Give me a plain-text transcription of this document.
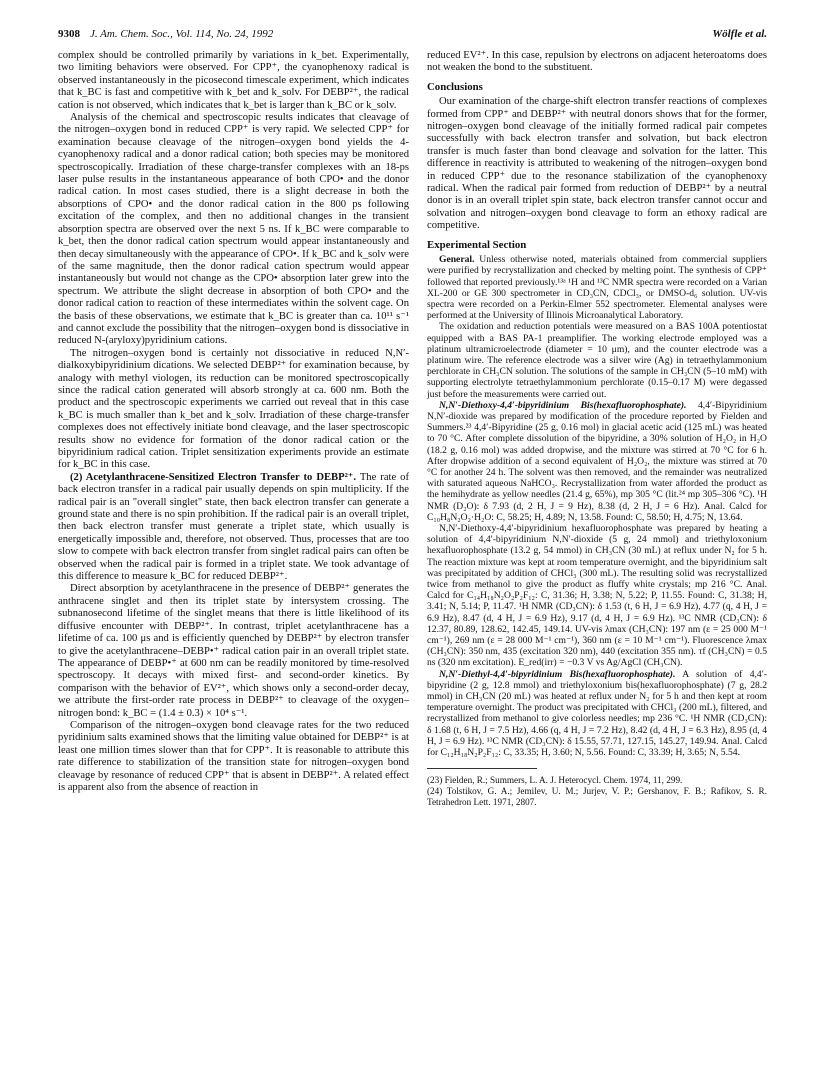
9308 J. Am. Chem. Soc., Vol. 114, No. 24, 1992	Wölfle et al.

complex should be controlled primarily by variations in k_bet. Experimentally, two limiting behaviors were observed. For CPP⁺, the cyanophenoxy radical is observed instantaneously in the picosecond timescale experiment, which indicates that k_BC is fast and competitive with k_bet and k_solv. For DEBP²⁺, the radical cation is not observed, which indicates that k_bet is larger than k_BC or k_solv.

Analysis of the chemical and spectroscopic results indicates that cleavage of the nitrogen–oxygen bond in reduced CPP⁺ is very rapid. We selected CPP⁺ for examination because cleavage of the nitrogen–oxygen bond yields the 4-cyanophenoxy radical and a donor radical cation; both species may be monitored spectroscopically. Irradiation of these charge-transfer complexes with an 18-ps laser pulse results in the instantaneous appearance of both CPO• and the donor radical cation. In most cases studied, there is a slight decrease in both the absorptions of CPO• and the donor radical cation in the 800 ps following excitation of the complex, and then no additional changes in the transient absorption spectra are observed over the next 5 ns. If k_BC were comparable to k_bet, then the donor radical cation spectrum would appear instantaneously and then decay simultaneously with the appearance of CPO•. If k_BC and k_solv were of the same magnitude, then the donor radical cation spectrum would appear instantaneously but would not change as the CPO• absorption later grew into the spectrum. We attribute the slight decrease in absorption of both CPO• and the donor radical cation to reaction of these intermediates within the solvent cage. On the basis of these observations, we estimate that k_BC is greater than ca. 10¹¹ s⁻¹ and cannot exclude the possibility that the nitrogen–oxygen bond is dissociative in reduced N-(aryloxy)pyridinium cations.

The nitrogen–oxygen bond is certainly not dissociative in reduced N,N′-dialkoxybipyridinium dications. We selected DEBP²⁺ for examination because, by analogy with methyl viologen, its reduction can be monitored spectroscopically since the radical cation generated will absorb strongly at ca. 600 nm. Both the product and the spectroscopic experiments we carried out reveal that in this case k_BC is much smaller than k_bet and k_solv. Irradiation of these charge-transfer complexes does not effectively initiate bond cleavage, and the laser spectroscopic results show no evidence for formation of the donor radical cation or the bipyridinium radical cation. Triplet sensitization experiments provide an estimate for k_BC in this case.

(2) Acetylanthracene-Sensitized Electron Transfer to DEBP²⁺. The rate of back electron transfer in a radical pair usually depends on spin multiplicity. If the radical pair is an "overall singlet" state, then back electron transfer can generate a ground state and there is no spin prohibition. If the radical pair is an overall triplet, then back electron transfer must generate a triplet state, which usually is energetically impossible and, therefore, not observed. Thus, processes that are too slow to compete with back electron transfer from singlet radical pairs can often be observed when the radical pair is formed in a triplet state. We took advantage of this difference to measure k_BC for reduced DEBP²⁺.

Direct absorption by acetylanthracene in the presence of DEBP²⁺ generates the anthracene singlet and then its triplet state by intersystem crossing. The subnanosecond lifetime of the singlet means that there is little likelihood of its diffusive encounter with DEBP²⁺. In contrast, triplet acetylanthracene has a lifetime of ca. 100 μs and is efficiently quenched by DEBP²⁺ by electron transfer to give the acetylanthracene–DEBP•⁺ radical cation pair in an overall triplet state. The appearance of DEBP•⁺ at 600 nm can be readily monitored by time-resolved spectroscopy. It decays with mixed first- and second-order kinetics. By comparison with the behavior of EV²⁺, which shows only a second-order decay, we attribute the first-order rate process in DEBP²⁺ to cleavage of the oxygen–nitrogen bond: k_BC = (1.4 ± 0.3) × 10⁴ s⁻¹.

Comparison of the nitrogen–oxygen bond cleavage rates for the two reduced pyridinium salts examined shows that the limiting value obtained for DEBP²⁺ is at least one million times slower than that for CPP⁺. It is reasonable to attribute this rate difference to stabilization of the transition state for nitrogen–oxygen bond cleavage by resonance of reduced CPP⁺ that is absent in DEBP²⁺. A related effect is apparent also from the absence of reaction in

reduced EV²⁺. In this case, repulsion by electrons on adjacent heteroatoms does not weaken the bond to the substituent.

Conclusions

Our examination of the charge-shift electron transfer reactions of complexes formed from CPP⁺ and DEBP²⁺ with neutral donors shows that for the former, nitrogen–oxygen bond cleavage of the initially formed radical pair competes successfully with back electron transfer and solvation, but back electron transfer is much faster than bond cleavage and solvation for the latter. This difference in reactivity is attributed to weakening of the nitrogen–oxygen bond in reduced CPP⁺ due to the resonance stabilization of the cyanophenoxy radical. When the radical pair formed from reduction of DEBP²⁺ by a neutral donor is in an overall triplet spin state, back electron transfer cannot occur and solvation and nitrogen–oxygen bond cleavage to form an ethoxy radical are competitive.

Experimental Section

General. Unless otherwise noted, materials obtained from commercial suppliers were purified by recrystallization and checked by melting point. The synthesis of CPP⁺ followed that reported previously.¹³ᵃ ¹H and ¹³C NMR spectra were recorded on a Varian XL-200 or GE 300 spectrometer in CD₃CN, CDCl₃, or DMSO-d₆ solution. UV-vis spectra were recorded on a Perkin-Elmer 552 spectrometer. Elemental analyses were performed at the University of Illinois Microanalytical Laboratory.

The oxidation and reduction potentials were measured on a BAS 100A potentiostat equipped with a BAS PA-1 preamplifier. The working electrode employed was a platinum ultramicroelectrode (diameter = 10 μm), and the counter electrode was a platinum wire. The reference electrode was a silver wire (Ag) in tetraethylammonium perchlorate in CH₃CN solution. The solutions of the sample in CH₃CN (5–10 mM) with supporting electrolyte tetraethylammonium perchlorate (0.15–0.17 M) were degassed just before the measurements were carried out.

N,N′-Diethoxy-4,4′-bipyridinium Bis(hexafluorophosphate). 4,4′-Bipyridinium N,N′-dioxide was prepared by modification of the procedure reported by Fielden and Summers.²³ 4,4′-Bipyridine (25 g, 0.16 mol) in glacial acetic acid (125 mL) was heated to 70 °C. After complete dissolution of the bipyridine, a 30% solution of H₂O₂ in H₂O (18.2 g, 0.16 mol) was added dropwise, and the mixture was stirred at 70 °C for 6 h. After dropwise addition of a second equivalent of H₂O₂, the mixture was stirred at 70 °C for another 24 h. The solvent was then removed, and the remainder was neutralized with saturated aqueous NaHCO₃. Recrystallization from water afforded the product as the hemihydrate as yellow needles (21.4 g, 65%), mp 305 °C (lit.²⁴ mp 305–306 °C). ¹H NMR (D₂O): δ 7.93 (d, 2 H, J = 9 Hz), 8.38 (d, 2 H, J = 6 Hz). Anal. Calcd for C₁₀H₈N₂O₂·H₂O: C, 58.25; H, 4.89; N, 13.58. Found: C, 58.50; H, 4.75; N, 13.64.

N,N′-Diethoxy-4,4′-bipyridinium hexafluorophosphate was prepared by heating a solution of 4,4′-bipyridinium N,N′-dioxide (5 g, 24 mmol) and triethyloxonium hexafluorophosphate (13.2 g, 54 mmol) in CH₃CN (30 mL) at reflux under N₂ for 5 h. The reaction mixture was kept at room temperature overnight, and the bipyridinium salt was precipitated by addition of CHCl₃ (300 mL). The resulting solid was recrystallized twice from methanol to give the product as fluffy white crystals; mp 216 °C. Anal. Calcd for C₁₄H₁₈N₂O₂P₂F₁₂: C, 31.36; H, 3.38; N, 5.22; P, 11.55. Found: C, 31.38; H, 3.41; N, 5.14; P, 11.47. ¹H NMR (CD₃CN): δ 1.53 (t, 6 H, J = 6.9 Hz), 4.77 (q, 4 H, J = 6.9 Hz), 8.47 (d, 4 H, J = 6.9 Hz), 9.17 (d, 4 H, J = 6.9 Hz). ¹³C NMR (CD₃CN): δ 12.37, 80.89, 128.62, 142.45, 149.14. UV-vis λmax (CH₃CN): 197 nm (ε = 25 000 M⁻¹ cm⁻¹), 269 nm (ε = 28 000 M⁻¹ cm⁻¹), 360 nm (ε = 10 M⁻¹ cm⁻¹). Fluorescence λmax (CH₃CN): 350 nm, 435 (excitation 320 nm), 440 (excitation 355 nm). τf (CH₃CN) = 0.5 ns (320 nm excitation). E_red(irr) = −0.3 V vs Ag/AgCl (CH₃CN).

N,N′-Diethyl-4,4′-bipyridinium Bis(hexafluorophosphate). A solution of 4,4′-bipyridine (2 g, 12.8 mmol) and triethyloxonium bis(hexafluorophosphate) (7 g, 28.2 mmol) in CH₃CN (20 mL) was heated at reflux under N₂ for 5 h and then kept at room temperature overnight. The product was precipitated with CHCl₃ (200 mL), filtered, and recrystallized from methanol to give colorless needles; mp 236 °C. ¹H NMR (CD₃CN): δ 1.68 (t, 6 H, J = 7.5 Hz), 4.66 (q, 4 H, J = 7.2 Hz), 8.42 (d, 4 H, J = 6.3 Hz), 8.95 (d, 4 H, J = 6.9 Hz). ¹³C NMR (CD₃CN): δ 15.55, 57.71, 127.15, 145.27, 149.94. Anal. Calcd for C₁₂H₁₈N₂P₂F₁₂: C, 33.35; H, 3.60; N, 5.56. Found: C, 33.39; H, 3.65; N, 5.54.

(23) Fielden, R.; Summers, L. A. J. Heterocycl. Chem. 1974, 11, 299.

(24) Tolstikov, G. A.; Jemilev, U. M.; Jurjev, V. P.; Gershanov, F. B.; Rafikov, S. R. Tetrahedron Lett. 1971, 2807.
